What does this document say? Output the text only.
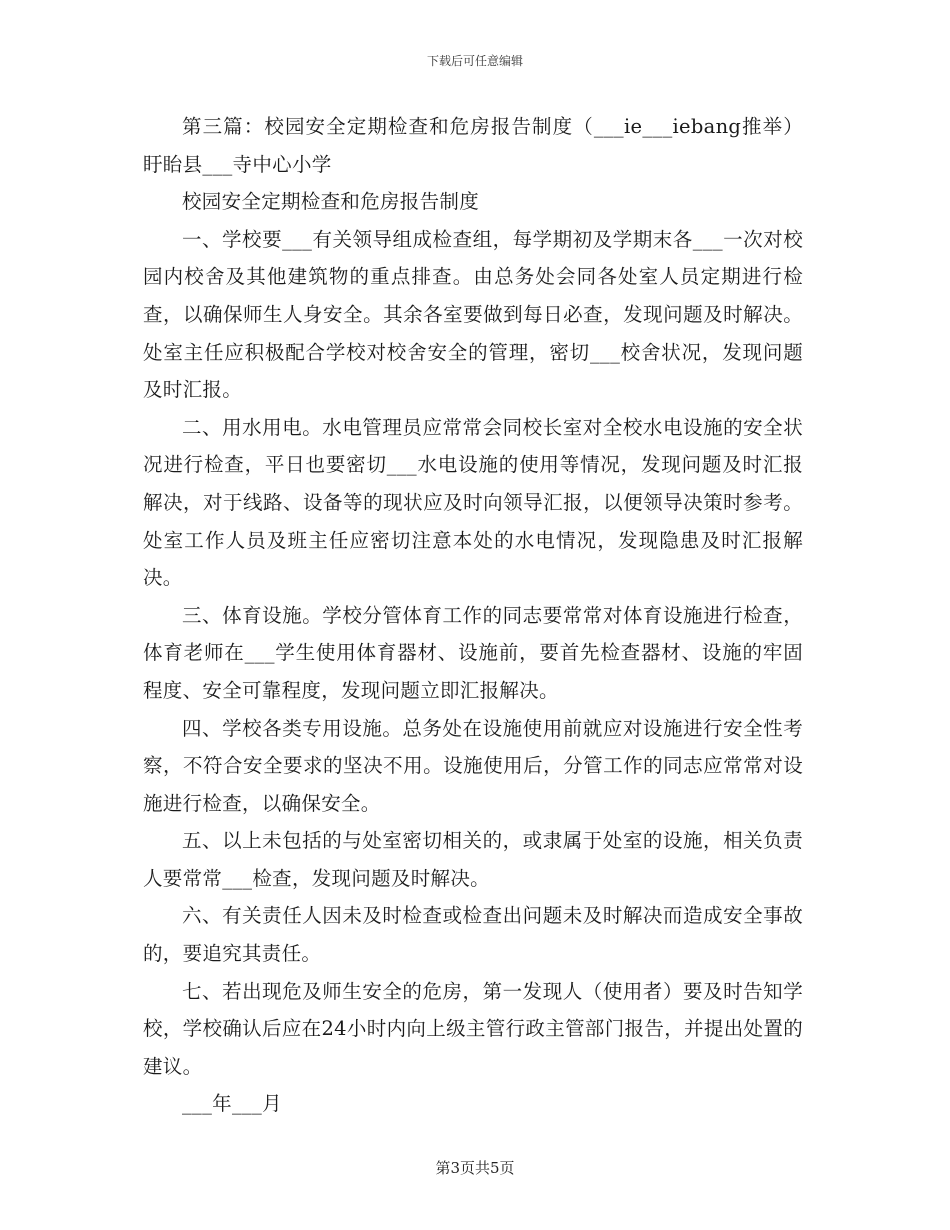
下载后可任意编辑

第三篇：校园安全定期检查和危房报告制度（___ie___iebang推举）盱眙县___寺中心小学

校园安全定期检查和危房报告制度

一、学校要___有关领导组成检查组，每学期初及学期末各___一次对校园内校舍及其他建筑物的重点排查。由总务处会同各处室人员定期进行检查，以确保师生人身安全。其余各室要做到每日必查，发现问题及时解决。处室主任应积极配合学校对校舍安全的管理，密切___校舍状况，发现问题及时汇报。

二、用水用电。水电管理员应常常会同校长室对全校水电设施的安全状况进行检查，平日也要密切___水电设施的使用等情况，发现问题及时汇报解决，对于线路、设备等的现状应及时向领导汇报，以便领导决策时参考。处室工作人员及班主任应密切注意本处的水电情况，发现隐患及时汇报解决。

三、体育设施。学校分管体育工作的同志要常常对体育设施进行检查，体育老师在___学生使用体育器材、设施前，要首先检查器材、设施的牢固程度、安全可靠程度，发现问题立即汇报解决。

四、学校各类专用设施。总务处在设施使用前就应对设施进行安全性考察，不符合安全要求的坚决不用。设施使用后，分管工作的同志应常常对设施进行检查，以确保安全。

五、以上未包括的与处室密切相关的，或隶属于处室的设施，相关负责人要常常___检查，发现问题及时解决。

六、有关责任人因未及时检查或检查出问题未及时解决而造成安全事故的，要追究其责任。

七、若出现危及师生安全的危房，第一发现人（使用者）要及时告知学校，学校确认后应在24小时内向上级主管行政主管部门报告，并提出处置的建议。

___年___月

第3页共5页
